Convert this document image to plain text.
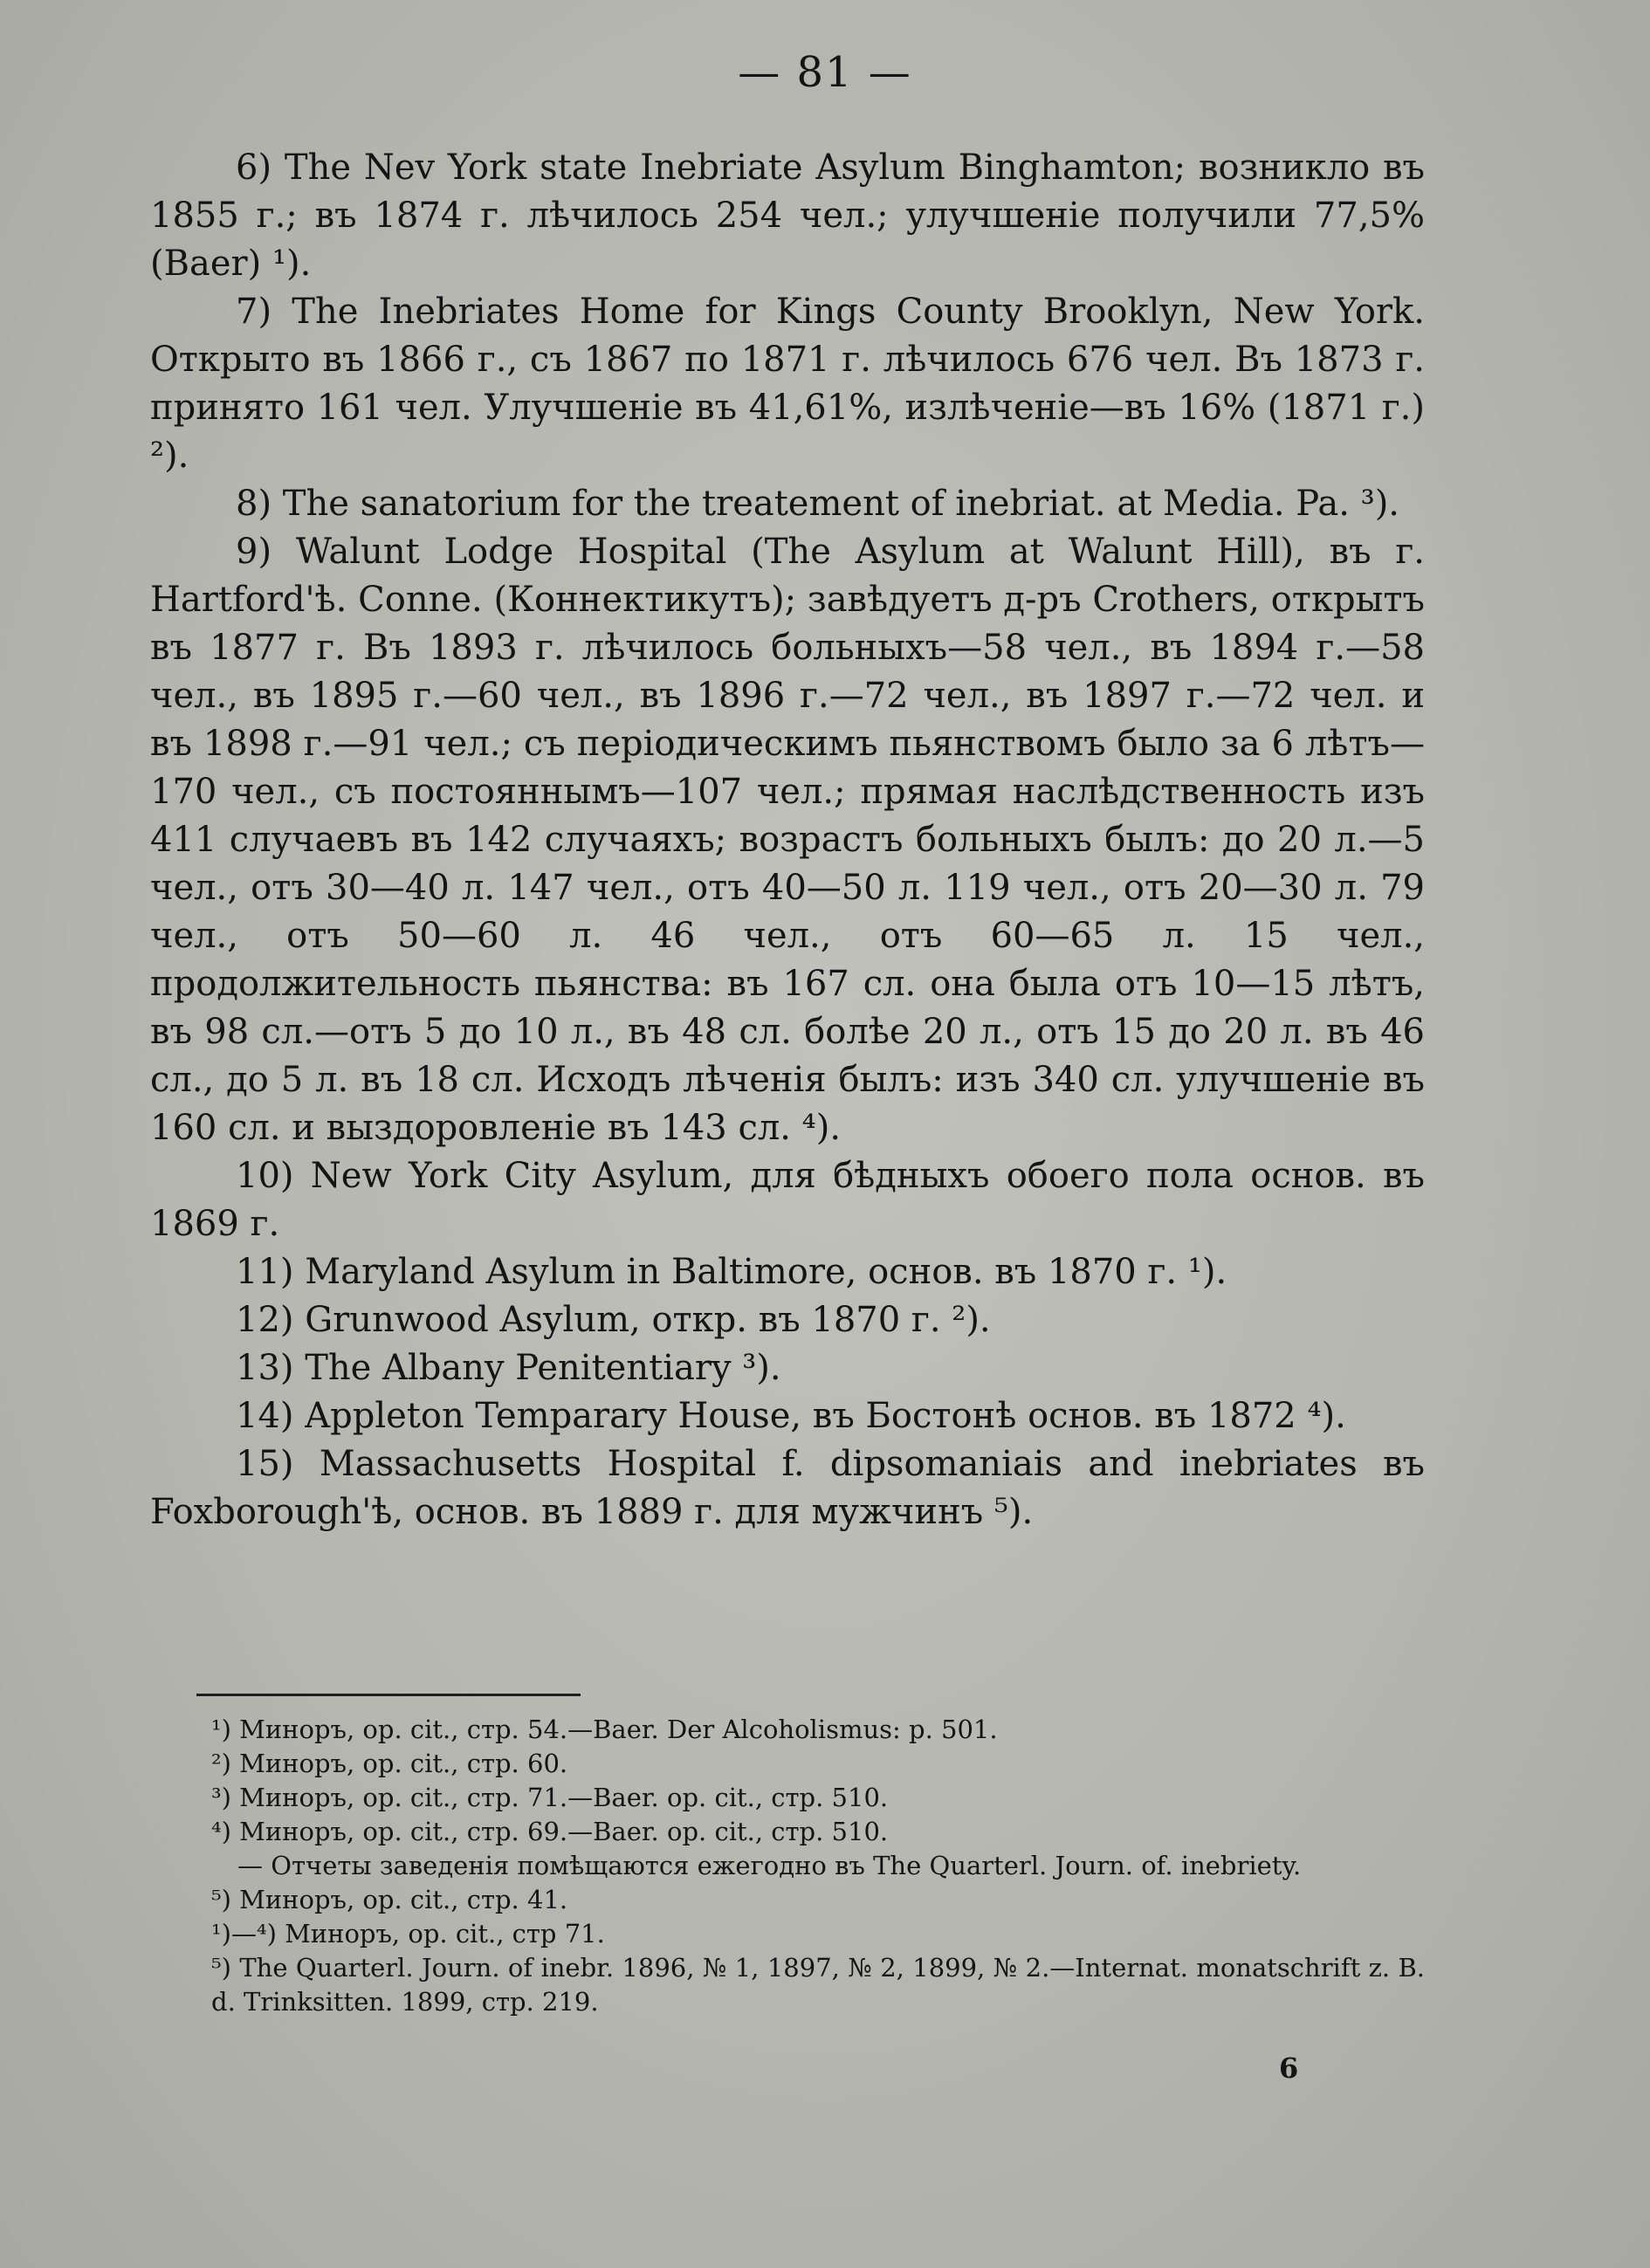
— 81 —

6) The Nev York state Inebriate Asylum Binghamton; возникло въ 1855 г.; въ 1874 г. лѣчилось 254 чел.; улучшеніе получили 77,5% (Baer) ¹).

7) The Inebriates Home for Kings County Brooklyn, New York. Открыто въ 1866 г., съ 1867 по 1871 г. лѣчилось 676 чел. Въ 1873 г. принято 161 чел. Улучшеніе въ 41,61%, излѣченіе—въ 16% (1871 г.) ²).

8) The sanatorium for the treatement of inebriat. at Media. Pa. ³).

9) Walunt Lodge Hospital (The Asylum at Walunt Hill), въ г. Hartford'ѣ. Conne. (Коннектикутъ); завѣдуетъ д-ръ Crothers, открытъ въ 1877 г. Въ 1893 г. лѣчилось больныхъ—58 чел., въ 1894 г.—58 чел., въ 1895 г.—60 чел., въ 1896 г.—72 чел., въ 1897 г.—72 чел. и въ 1898 г.—91 чел.; съ періодическимъ пьянствомъ было за 6 лѣтъ—170 чел., съ постояннымъ—107 чел.; прямая наслѣдственность изъ 411 случаевъ въ 142 случаяхъ; возрастъ больныхъ былъ: до 20 л.—5 чел., отъ 30—40 л. 147 чел., отъ 40—50 л. 119 чел., отъ 20—30 л. 79 чел., отъ 50—60 л. 46 чел., отъ 60—65 л. 15 чел., продолжительность пьянства: въ 167 сл. она была отъ 10—15 лѣтъ, въ 98 сл.—отъ 5 до 10 л., въ 48 сл. болѣе 20 л., отъ 15 до 20 л. въ 46 сл., до 5 л. въ 18 сл. Исходъ лѣченія былъ: изъ 340 сл. улучшеніе въ 160 сл. и выздоровленіе въ 143 сл. ⁴).

10) New York City Asylum, для бѣдныхъ обоего пола основ. въ 1869 г.

11) Maryland Asylum in Baltimore, основ. въ 1870 г. ¹).

12) Grunwood Asylum, откр. въ 1870 г. ²).

13) The Albany Penitentiary ³).

14) Appleton Temparary House, въ Бостонѣ основ. въ 1872 ⁴).

15) Massachusetts Hospital f. dipsomaniais and inebriates въ Foxborough'ѣ, основ. въ 1889 г. для мужчинъ ⁵).

¹) Миноръ, op. cit., стр. 54.—Baer. Der Alcoholismus: p. 501.

²) Миноръ, op. cit., стр. 60.

³) Миноръ, op. cit., стр. 71.—Baer. op. cit., стр. 510.

⁴) Миноръ, op. cit., стр. 69.—Baer. op. cit., стр. 510.

— Отчеты заведенія помѣщаются ежегодно въ The Quarterl. Journ. of. inebriety.

⁵) Миноръ, op. cit., стр. 41.

¹)—⁴) Миноръ, op. cit., стр 71.

⁵) The Quarterl. Journ. of inebr. 1896, № 1, 1897, № 2, 1899, № 2.—Internat. monatschrift z. B. d. Trinksitten. 1899, стр. 219.

6
